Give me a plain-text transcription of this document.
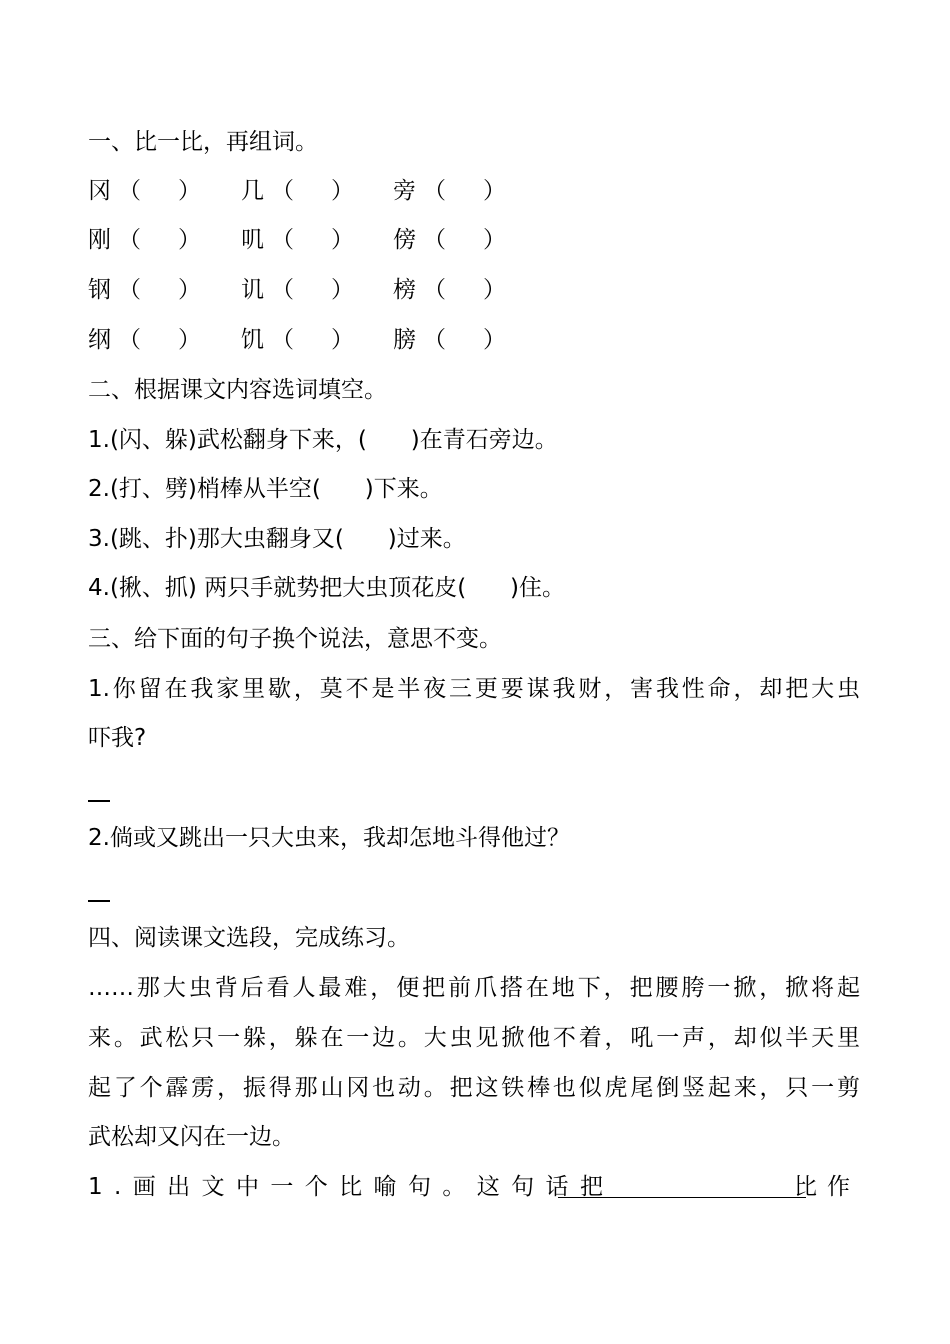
一、比一比，再组词。
冈 （ ） 几 （ ） 旁 （ ）
刚 （ ） 叽 （ ） 傍 （ ）
钢 （ ） 讥 （ ） 榜 （ ）
纲 （ ） 饥 （ ） 膀 （ ）
二、根据课文内容选词填空。
1.(闪、躲)武松翻身下来，(      )在青石旁边。
2.(打、劈)梢棒从半空(      )下来。
3.(跳、扑)那大虫翻身又(      )过来。
4.(揪、抓) 两只手就势把大虫顶花皮(      )住。
三、给下面的句子换个说法，意思不变。
1.你留在我家里歇，莫不是半夜三更要谋我财，害我性命，却把大虫
吓我?
2.倘或又跳出一只大虫来，我却怎地斗得他过？
四、阅读课文选段，完成练习。
……那大虫背后看人最难，便把前爪搭在地下，把腰胯一掀，掀将起
来。武松只一躲，躲在一边。大虫见掀他不着，吼一声，却似半天里
起了个霹雳，振得那山冈也动。把这铁棒也似虎尾倒竖起来，只一剪
武松却又闪在一边。
1.画出文中一个比喻句。这句话把	比作
